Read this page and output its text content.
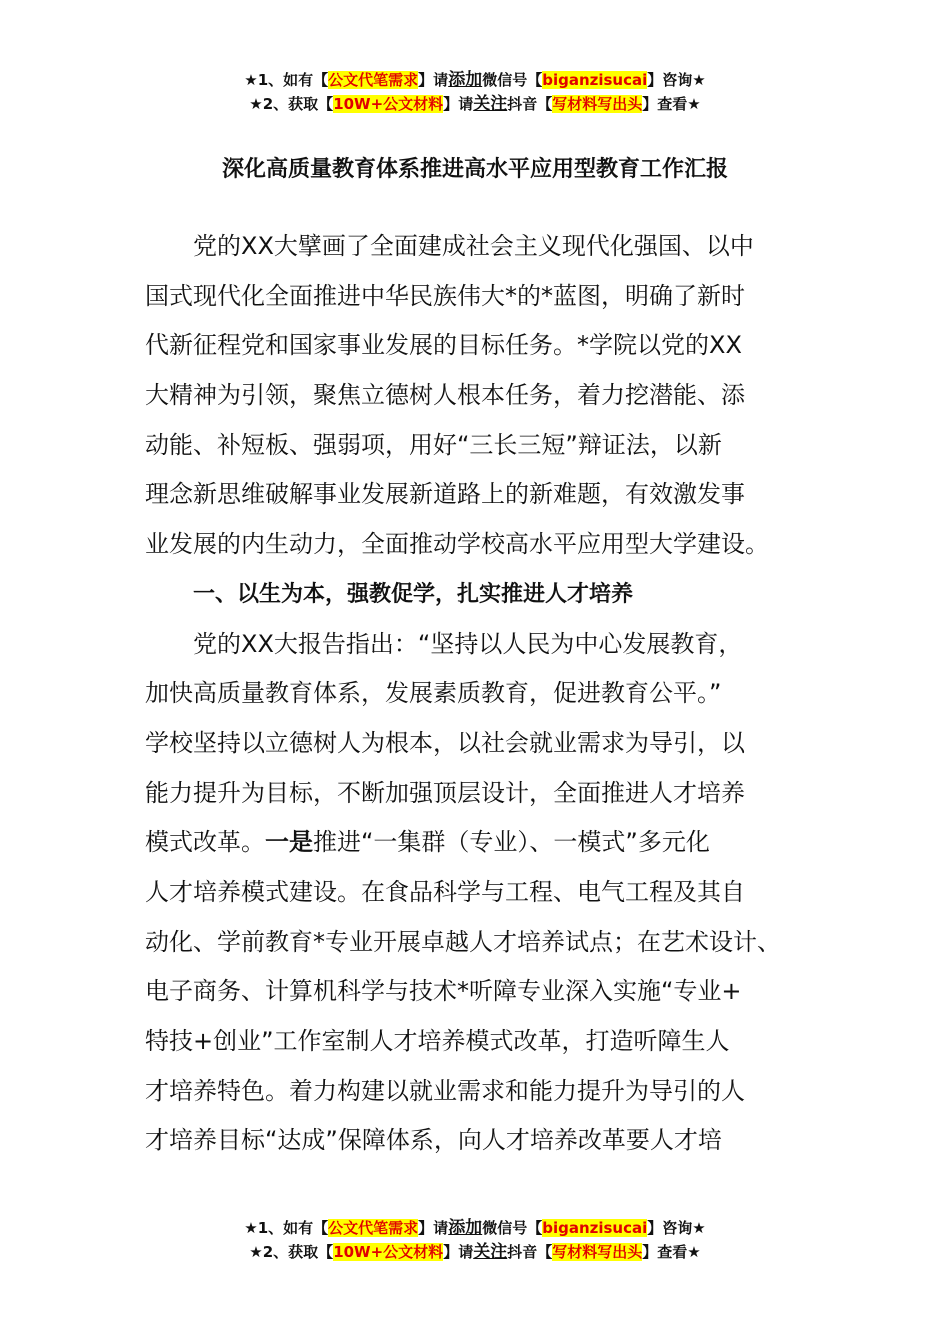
★1、如有【公文代笔需求】请添加微信号【biganzisucai】咨询★
★2、获取【10W+公文材料】请关注抖音【写材料写出头】查看★
深化高质量教育体系推进高水平应用型教育工作汇报
党的XX大擘画了全面建成社会主义现代化强国、以中
国式现代化全面推进中华民族伟大*的*蓝图，明确了新时
代新征程党和国家事业发展的目标任务。*学院以党的XX
大精神为引领，聚焦立德树人根本任务，着力挖潜能、添
动能、补短板、强弱项，用好“三长三短”辩证法，以新
理念新思维破解事业发展新道路上的新难题，有效激发事
业发展的内生动力，全面推动学校高水平应用型大学建设。
一、以生为本，强教促学，扎实推进人才培养
党的XX大报告指出：“坚持以人民为中心发展教育，
加快高质量教育体系，发展素质教育，促进教育公平。”
学校坚持以立德树人为根本，以社会就业需求为导引，以
能力提升为目标，不断加强顶层设计，全面推进人才培养
模式改革。一是推进“一集群（专业）、一模式”多元化
人才培养模式建设。在食品科学与工程、电气工程及其自
动化、学前教育*专业开展卓越人才培养试点；在艺术设计、
电子商务、计算机科学与技术*听障专业深入实施“专业+
特技+创业”工作室制人才培养模式改革，打造听障生人
才培养特色。着力构建以就业需求和能力提升为导引的人
才培养目标“达成”保障体系，向人才培养改革要人才培
★1、如有【公文代笔需求】请添加微信号【biganzisucai】咨询★
★2、获取【10W+公文材料】请关注抖音【写材料写出头】查看★
